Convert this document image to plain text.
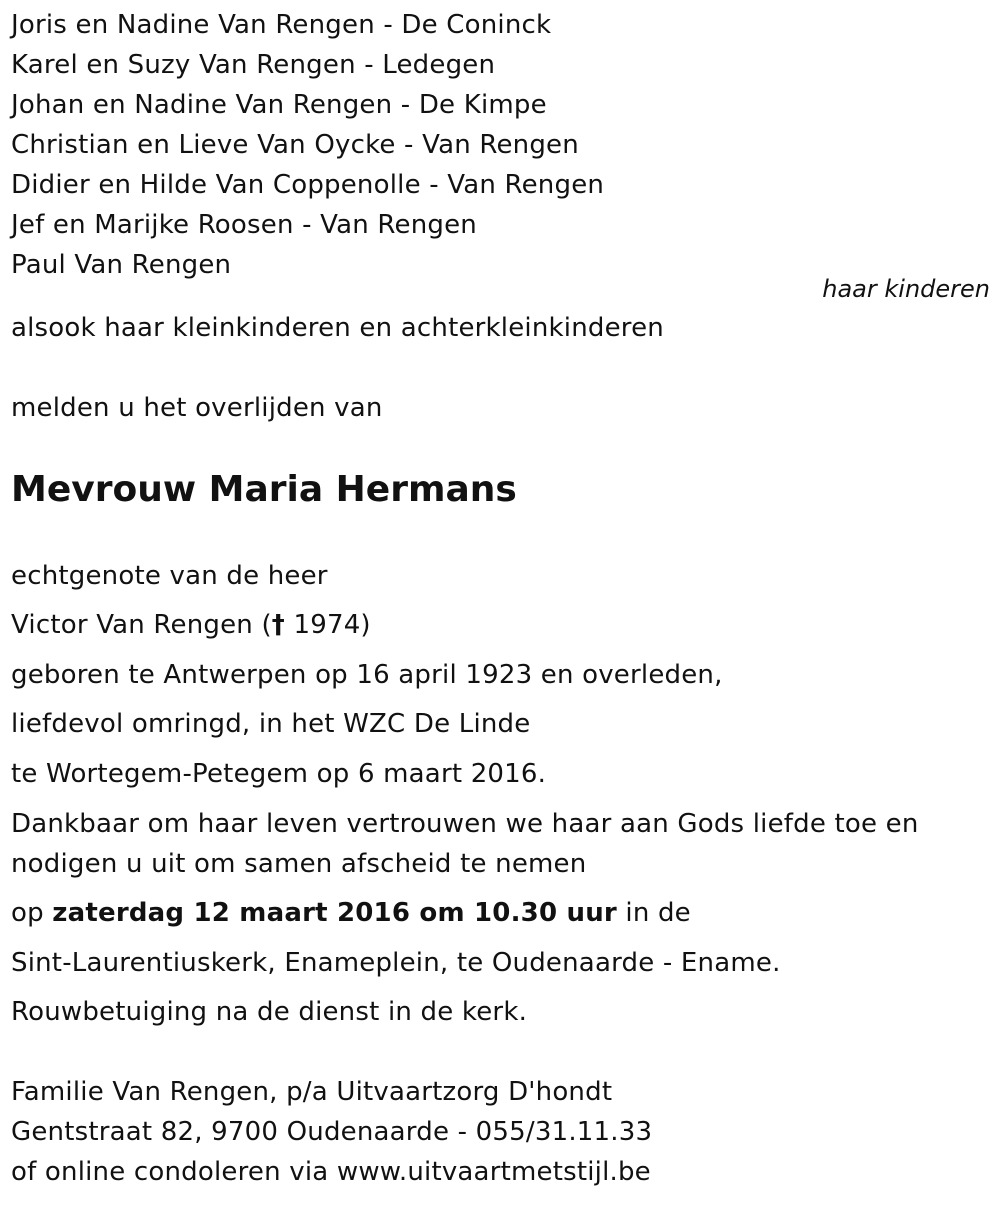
Joris en Nadine Van Rengen - De Coninck
Karel en Suzy Van Rengen - Ledegen
Johan en Nadine Van Rengen - De Kimpe
Christian en Lieve Van Oycke - Van Rengen
Didier en Hilde Van Coppenolle - Van Rengen
Jef en Marijke Roosen - Van Rengen
Paul Van Rengen
haar kinderen
alsook haar kleinkinderen en achterkleinkinderen
melden u het overlijden van
Mevrouw Maria Hermans
echtgenote van de heer
Victor Van Rengen († 1974)
geboren te Antwerpen op 16 april 1923 en overleden,
liefdevol omringd, in het WZC De Linde
te Wortegem-Petegem op 6 maart 2016.
Dankbaar om haar leven vertrouwen we haar aan Gods liefde toe en
nodigen u uit om samen afscheid te nemen
op zaterdag 12 maart 2016 om 10.30 uur in de
Sint-Laurentiuskerk, Enameplein, te Oudenaarde - Ename.
Rouwbetuiging na de dienst in de kerk.
Familie Van Rengen, p/a Uitvaartzorg D'hondt
Gentstraat 82, 9700 Oudenaarde - 055/31.11.33
of online condoleren via www.uitvaartmetstijl.be
